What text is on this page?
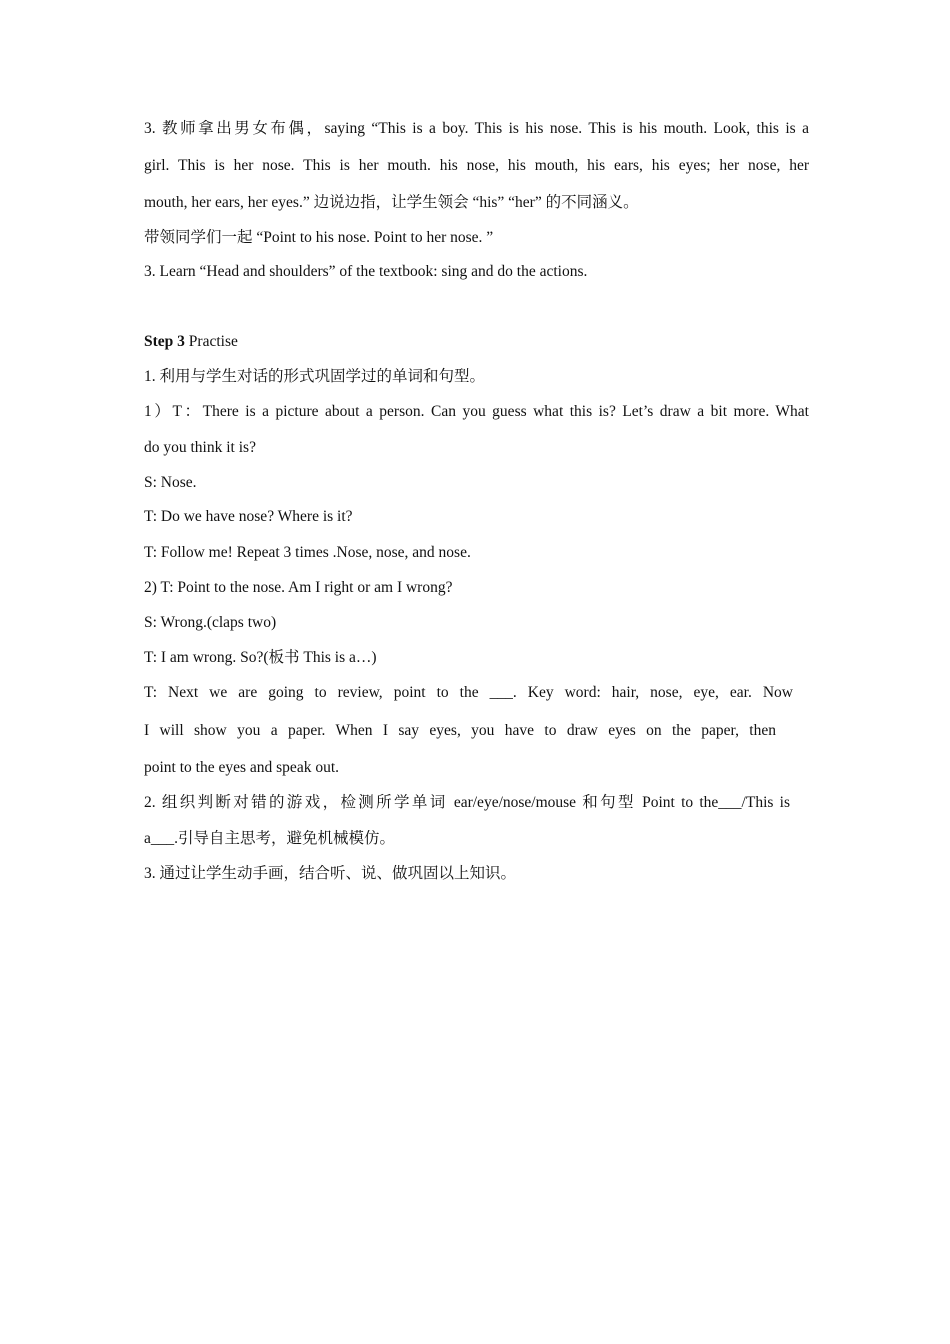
3. 教师拿出男女布偶，saying “This is a boy. This is his nose. This is his mouth. Look, this is a
girl. This is her nose. This is her mouth. his nose, his mouth, his ears, his eyes; her nose, her
mouth, her ears, her eyes.” 边说边指，让学生领会 “his” “her” 的不同涵义。
带领同学们一起 “Point to his nose. Point to her nose. ”
3. Learn “Head and shoulders” of the textbook: sing and do the actions.
Step 3 Practise
1. 利用与学生对话的形式巩固学过的单词和句型。
1）T：There is a picture about a person. Can you guess what this is? Let’s draw a bit more. What
do you think it is?
S: Nose.
T: Do we have nose? Where is it?
T: Follow me! Repeat 3 times .Nose, nose, and nose.
2) T: Point to the nose. Am I right or am I wrong?
S: Wrong.(claps two)
T: I am wrong. So?(板书 This is a…)
T: Next we are going to review, point to the ___. Key word: hair, nose, eye, ear. Now
I will show you a paper. When I say eyes, you have to draw eyes on the paper, then
point to the eyes and speak out.
2. 组织判断对错的游戏，检测所学单词 ear/eye/nose/mouse 和句型 Point to the___/This is
a___.引导自主思考，避免机械模仿。
3. 通过让学生动手画，结合听、说、做巩固以上知识。
